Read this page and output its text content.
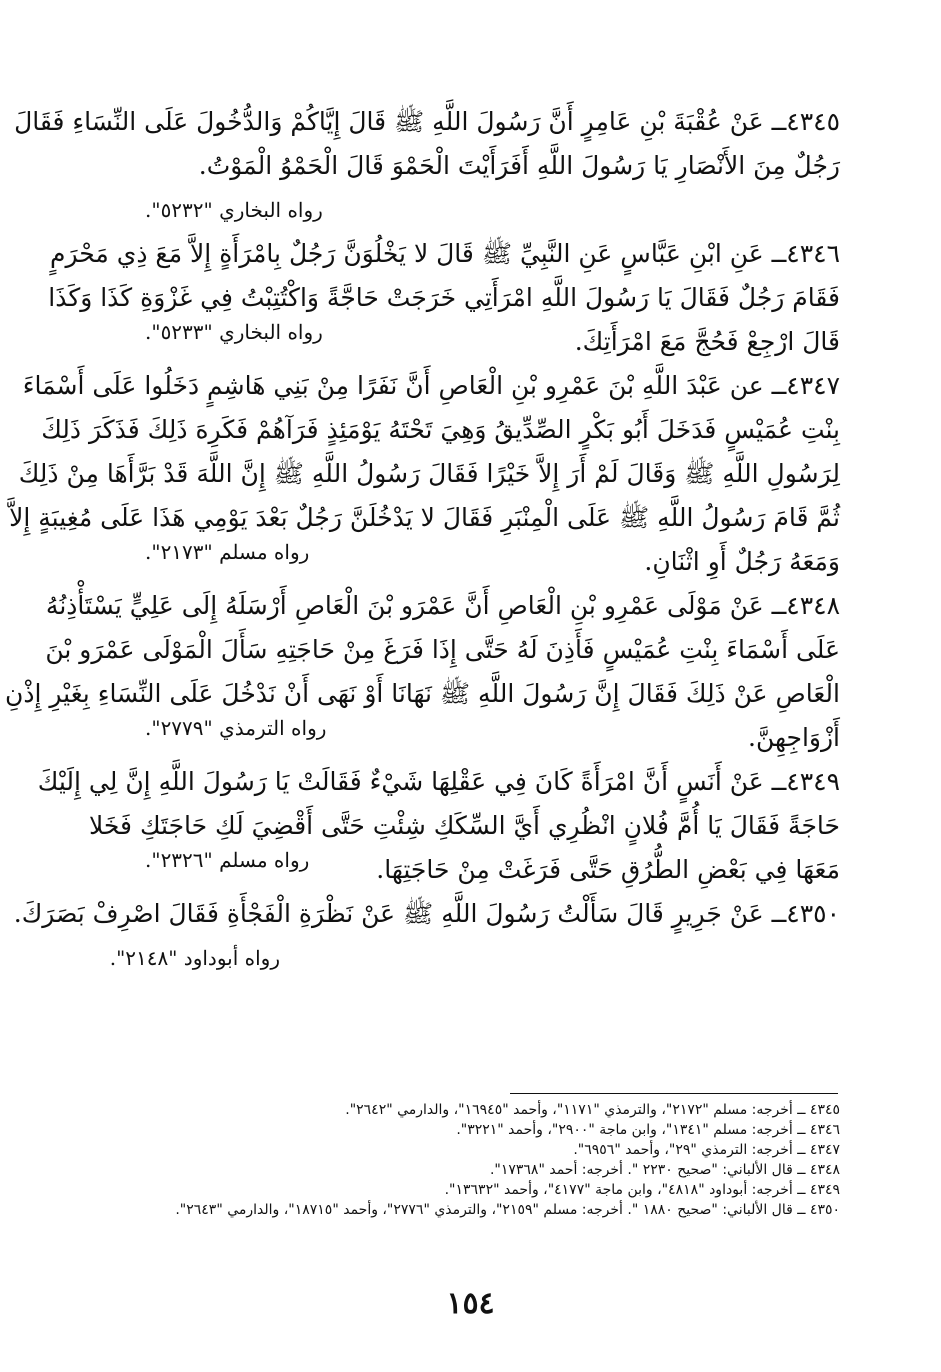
٤٣٤٥ــ عَنْ عُقْبَةَ بْنِ عَامِرٍ أَنَّ رَسُولَ اللَّهِ ﷺ قَالَ إِيَّاكُمْ وَالدُّخُولَ عَلَى النِّسَاءِ فَقَالَ
رَجُلٌ مِنَ الأَنْصَارِ يَا رَسُولَ اللَّهِ أَفَرَأَيْتَ الْحَمْوَ قَالَ الْحَمْوُ الْمَوْتُ.
رواه البخاري "٥٢٣٢".
٤٣٤٦ــ عَنِ ابْنِ عَبَّاسٍ عَنِ النَّبِيِّ ﷺ قَالَ لا يَخْلُوَنَّ رَجُلٌ بِامْرَأَةٍ إِلاَّ مَعَ ذِي مَحْرَمٍ
فَقَامَ رَجُلٌ فَقَالَ يَا رَسُولَ اللَّهِ امْرَأَتِي خَرَجَتْ حَاجَّةً وَاكْتُتِبْتُ فِي غَزْوَةِ كَذَا وَكَذَا
قَالَ ارْجِعْ فَحُجَّ مَعَ امْرَأَتِكَ.
رواه البخاري "٥٢٣٣".
٤٣٤٧ــ عن عَبْدَ اللَّهِ بْنَ عَمْرِو بْنِ الْعَاصِ أَنَّ نَفَرًا مِنْ بَنِي هَاشِمٍ دَخَلُوا عَلَى أَسْمَاءَ
بِنْتِ عُمَيْسٍ فَدَخَلَ أَبُو بَكْرٍ الصِّدِّيقُ وَهِيَ تَحْتَهُ يَوْمَئِذٍ فَرَآهُمْ فَكَرِهَ ذَلِكَ فَذَكَرَ ذَلِكَ
لِرَسُولِ اللَّهِ ﷺ وَقَالَ لَمْ أَرَ إِلاَّ خَيْرًا فَقَالَ رَسُولُ اللَّهِ ﷺ إِنَّ اللَّهَ قَدْ بَرَّأَهَا مِنْ ذَلِكَ
ثُمَّ قَامَ رَسُولُ اللَّهِ ﷺ عَلَى الْمِنْبَرِ فَقَالَ لا يَدْخُلَنَّ رَجُلٌ بَعْدَ يَوْمِي هَذَا عَلَى مُغِيبَةٍ إِلاَّ
وَمَعَهُ رَجُلٌ أَوِ اثْنَانِ.
رواه مسلم "٢١٧٣".
٤٣٤٨ــ عَنْ مَوْلَى عَمْرِو بْنِ الْعَاصِ أَنَّ عَمْرَو بْنَ الْعَاصِ أَرْسَلَهُ إِلَى عَلِيٍّ يَسْتَأْذِنُهُ
عَلَى أَسْمَاءَ بِنْتِ عُمَيْسٍ فَأَذِنَ لَهُ حَتَّى إِذَا فَرَغَ مِنْ حَاجَتِهِ سَأَلَ الْمَوْلَى عَمْرَو بْنَ
الْعَاصِ عَنْ ذَلِكَ فَقَالَ إِنَّ رَسُولَ اللَّهِ ﷺ نَهَانَا أَوْ نَهَى أَنْ نَدْخُلَ عَلَى النِّسَاءِ بِغَيْرِ إِذْنِ
أَزْوَاجِهِنَّ.
رواه الترمذي "٢٧٧٩".
٤٣٤٩ــ عَنْ أَنَسٍ أَنَّ امْرَأَةً كَانَ فِي عَقْلِهَا شَيْءٌ فَقَالَتْ يَا رَسُولَ اللَّهِ إِنَّ لِي إِلَيْكَ
حَاجَةً فَقَالَ يَا أُمَّ فُلانٍ انْظُرِي أَيَّ السِّكَكِ شِئْتِ حَتَّى أَقْضِيَ لَكِ حَاجَتَكِ فَخَلا
مَعَهَا فِي بَعْضِ الطُّرُقِ حَتَّى فَرَغَتْ مِنْ حَاجَتِهَا.
رواه مسلم "٢٣٢٦".
٤٣٥٠ــ عَنْ جَرِيرٍ قَالَ سَأَلْتُ رَسُولَ اللَّهِ ﷺ عَنْ نَظْرَةِ الْفَجْأَةِ فَقَالَ اصْرِفْ بَصَرَكَ.
رواه أبوداود "٢١٤٨".
٤٣٤٥ ــ أخرجه: مسلم "٢١٧٢"، والترمذي "١١٧١"، وأحمد "١٦٩٤٥"، والدارمي "٢٦٤٢".
٤٣٤٦ ــ أخرجه: مسلم "١٣٤١"، وابن ماجة "٢٩٠٠"، وأحمد "٣٢٢١".
٤٣٤٧ ــ أخرجه: الترمذي "٢٩"، وأحمد "٦٩٥٦".
٤٣٤٨ ــ قال الألباني: "صحيح ٢٢٣٠ ". أخرجه: أحمد "١٧٣٦٨".
٤٣٤٩ ــ أخرجه: أبوداود "٤٨١٨"، وابن ماجة "٤١٧٧"، وأحمد "١٣٦٣٢".
٤٣٥٠ ــ قال الألباني: "صحيح ١٨٨٠ ". أخرجه: مسلم "٢١٥٩"، والترمذي "٢٧٧٦"، وأحمد "١٨٧١٥"، والدارمي "٢٦٤٣".
١٥٤
